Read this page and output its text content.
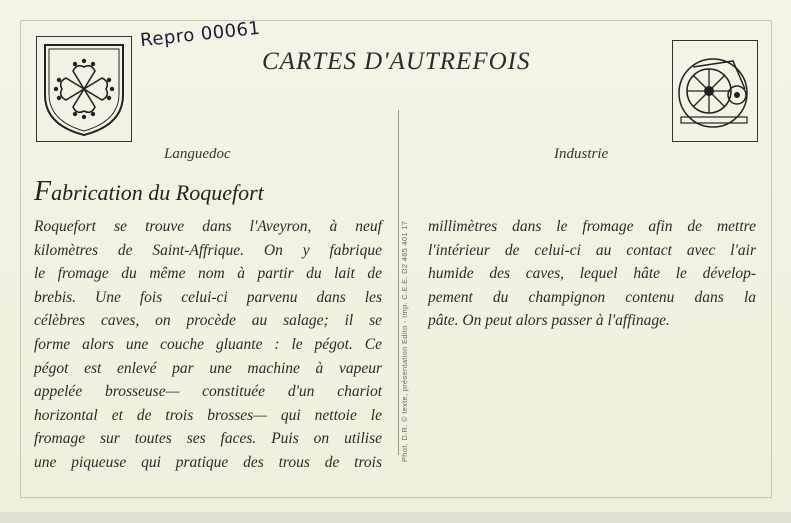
Repro 00061
CARTES D'AUTREFOIS
Languedoc	Industrie
Fabrication du Roquefort
Roquefort se trouve dans l'Aveyron, à neuf
kilomètres de Saint-Affrique. On y fabrique
le fromage du même nom à partir du lait de
brebis. Une fois celui-ci parvenu dans les
célèbres caves, on procède au salage; il se
forme alors une couche gluante : le pégot. Ce
pégot est enlevé par une machine à vapeur
appelée brosseuse— constituée d'un chariot
horizontal et de trois brosses— qui nettoie le
fromage sur toutes ses faces. Puis on utilise
une piqueuse qui pratique des trous de trois
Phot. D.R. © texte, présentation Edito - Imp. C.E.E. D2 465 401 17 millimètres dans le fromage afin de mettre
l'intérieur de celui-ci au contact avec l'air
humide des caves, lequel hâte le dévelop-
pement du champignon contenu dans la
pâte. On peut alors passer à l'affinage.
